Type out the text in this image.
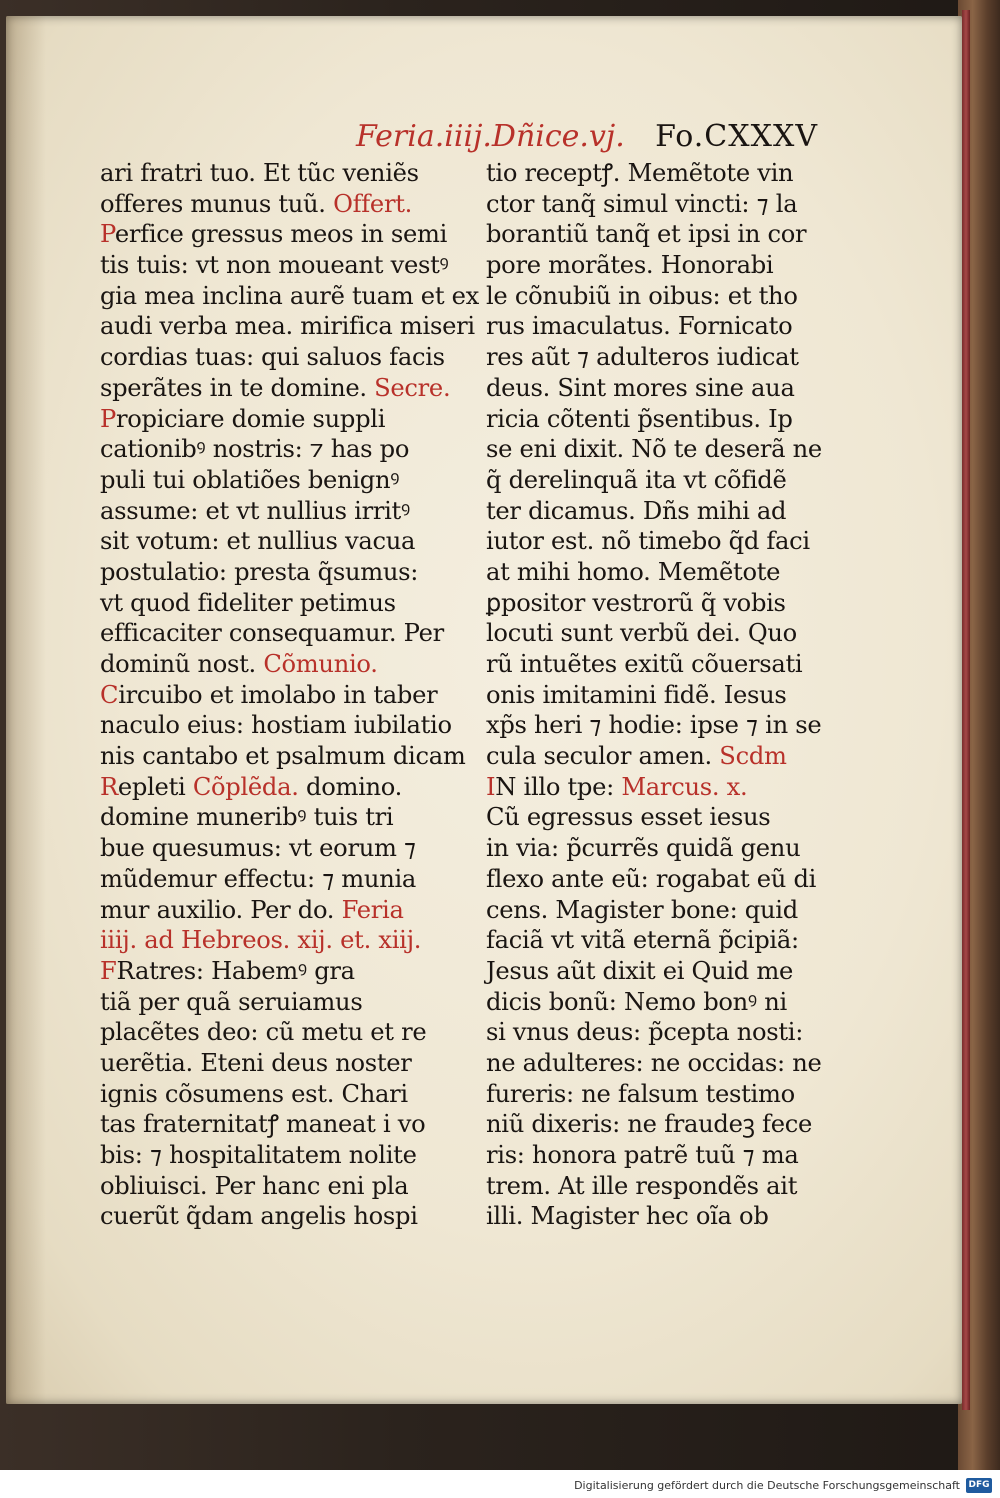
Feria.iiij.Dñice.vj. Fo.CXXXV
ari fratri tuo. Et tũc veniẽs
offeres munus tuũ. Offert.
Perfice gressus meos in semi
tis tuis: vt non moueant vestꝰ
gia mea inclina aurẽ tuam et ex
audi verba mea. mirifica miseri
cordias tuas: qui saluos facis
sperãtes in te domine. Secre.
Propiciare domie suppli
cationibꝰ nostris: ⁊ has po
puli tui oblatiões benignꝰ
assume: et vt nullius irritꝰ
sit votum: et nullius vacua
postulatio: presta q̃sumus:
vt quod fideliter petimus
efficaciter consequamur. Per
dominũ nost. Cõmunio.
Circuibo et imolabo in taber
naculo eius: hostiam iubilatio
nis cantabo et psalmum dicam
Repleti Cõplẽda. domino.
domine muneribꝰ tuis tri
bue quesumus: vt eorum ⁊
mũdemur effectu: ⁊ munia
mur auxilio. Per do. Feria
iiij. ad Hebreos. xij. et. xiij.
FRatres: Habemꝰ gra
tiã per quã seruiamus
placẽtes deo: cũ metu et re
uerẽtia. Eteni deus noster
ignis cõsumens est. Chari
tas fraternitatꝭ maneat i vo
bis: ⁊ hospitalitatem nolite
obliuisci. Per hanc eni pla
cuerũt q̃dam angelis hospi
tio receptꝭ. Memẽtote vin
ctor tanq̃ simul vincti: ⁊ la
borantiũ tanq̃ et ipsi in cor
pore morãtes. Honorabi
le cõnubiũ in oibus: et tho
rus imaculatus. Fornicato
res aũt ⁊ adulteros iudicat
deus. Sint mores sine aua
ricia cõtenti p̃sentibus. Ip
se eni dixit. Nõ te deserã ne
q̃ derelinquã ita vt cõfidẽ
ter dicamus. Dñs mihi ad
iutor est. nõ timebo q̃d faci
at mihi homo. Memẽtote
ꝑpositor vestrorũ q̃ vobis
locuti sunt verbũ dei. Quo
rũ intuẽtes exitũ cõuersati
onis imitamini fidẽ. Iesus
xp̃s heri ⁊ hodie: ipse ⁊ in se
cula seculor amen. Scdm
IN illo tpe: Marcus. x.
Cũ egressus esset iesus
in via: p̃currẽs quidã genu
flexo ante eũ: rogabat eũ di
cens. Magister bone: quid
faciã vt vitã eternã p̃cipiã:
Jesus aũt dixit ei Quid me
dicis bonũ: Nemo bonꝰ ni
si vnus deus: p̃cepta nosti:
ne adulteres: ne occidas: ne
fureris: ne falsum testimo
niũ dixeris: ne fraudeꝫ fece
ris: honora patrẽ tuũ ⁊ ma
trem. At ille respondẽs ait
illi. Magister hec oĩa ob
Digitalisierung gefördert durch die Deutsche Forschungsgemeinschaft DFG
